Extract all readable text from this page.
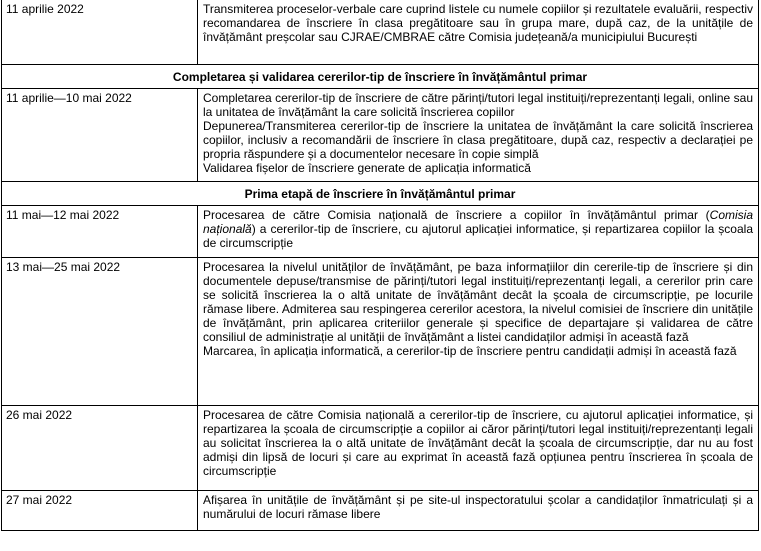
11 aprilie 2022	Transmiterea proceselor-verbale care cuprind listele cu numele copiilor și rezultatele evaluării, respectiv recomandarea de înscriere în clasa pregătitoare sau în grupa mare, după caz, de la unitățile de învățământ preșcolar sau CJRAE/CMBRAE către Comisia județeană/a municipiului București

Completarea și validarea cererilor-tip de înscriere în învățământul primar	
11 aprilie—10 mai 2022	Completarea cererilor-tip de înscriere de către părinți/tutori legal instituiți/reprezentanți legali, online sau la unitatea de învățământ la care solicită înscrierea copiilor
Depunerea/Transmiterea cererilor-tip de înscriere la unitatea de învățământ la care solicită înscrierea copiilor, inclusiv a recomandării de înscriere în clasa pregătitoare, după caz, respectiv a declarației pe propria răspundere și a documentelor necesare în copie simplă
Validarea fișelor de înscriere generate de aplicația informatică

Prima etapă de înscriere în învățământul primar	
11 mai—12 mai 2022	Procesarea de către Comisia națională de înscriere a copiilor în învățământul primar (Comisia națională) a cererilor-tip de înscriere, cu ajutorul aplicației informatice, și repartizarea copiilor la școala de circumscripție
13 mai—25 mai 2022	Procesarea la nivelul unităților de învățământ, pe baza informațiilor din cererile-tip de înscriere și din documentele depuse/transmise de părinți/tutori legal instituiți/reprezentanți legali, a cererilor prin care se solicită înscrierea la o altă unitate de învățământ decât la școala de circumscripție, pe locurile rămase libere. Admiterea sau respingerea cererilor acestora, la nivelul comisiei de înscriere din unitățile de învățământ, prin aplicarea criteriilor generale și specifice de departajare și validarea de către consiliul de administrație al unității de învățământ a listei candidaților admiși în această fază
Marcarea, în aplicația informatică, a cererilor-tip de înscriere pentru candidații admiși în această fază

26 mai 2022	Procesarea de către Comisia națională a cererilor-tip de înscriere, cu ajutorul aplicației informatice, și repartizarea la școala de circumscripție a copiilor ai căror părinți/tutori legal instituiți/reprezentanți legali au solicitat înscrierea la o altă unitate de învățământ decât la școala de circumscripție, dar nu au fost admiși din lipsă de locuri și care au exprimat în această fază opțiunea pentru înscrierea în școala de circumscripție

27 mai 2022	Afișarea în unitățile de învățământ și pe site-ul inspectoratului școlar a candidaților înmatriculați și a numărului de locuri rămase libere
